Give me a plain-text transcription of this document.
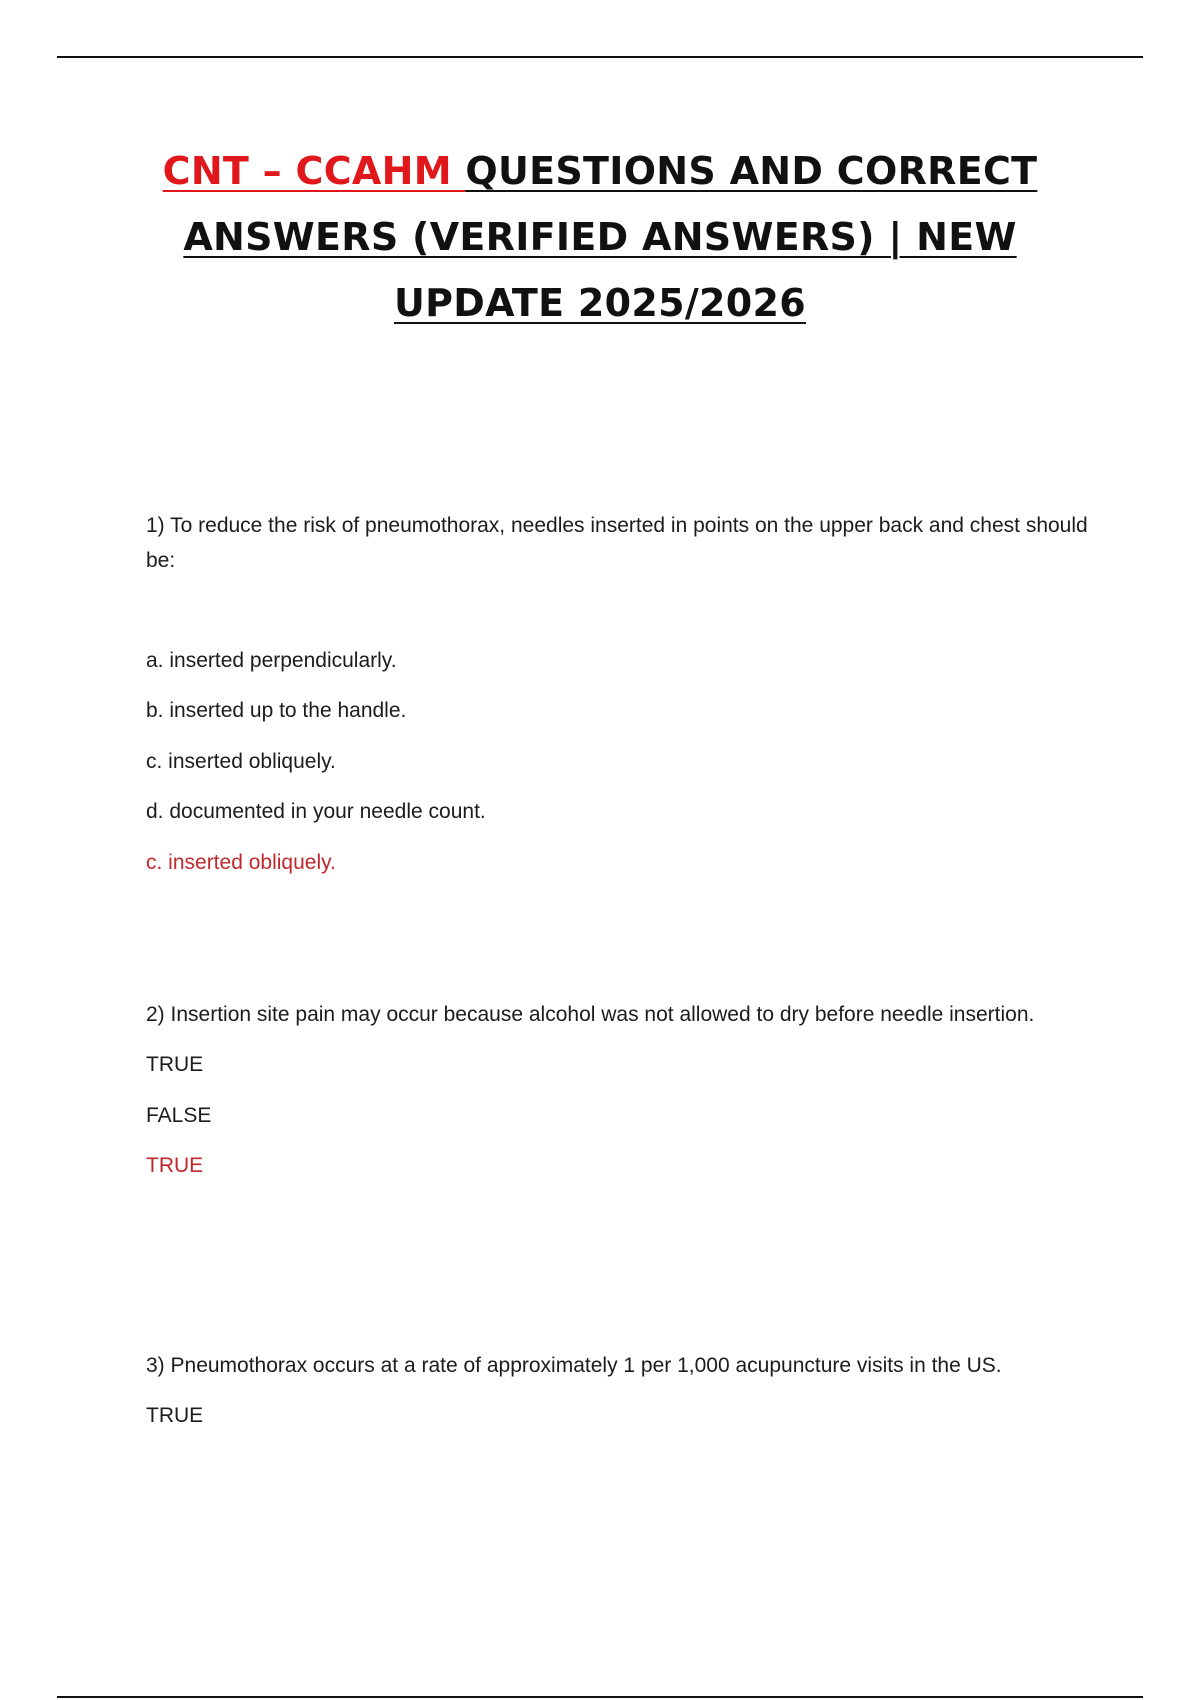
CNT – CCAHM QUESTIONS AND CORRECT ANSWERS (VERIFIED ANSWERS) | NEW UPDATE 2025/2026

1) To reduce the risk of pneumothorax, needles inserted in points on the upper back and chest should be:

a. inserted perpendicularly.

b. inserted up to the handle.

c. inserted obliquely.

d. documented in your needle count.

c. inserted obliquely.

2) Insertion site pain may occur because alcohol was not allowed to dry before needle insertion.

TRUE

FALSE

TRUE

3) Pneumothorax occurs at a rate of approximately 1 per 1,000 acupuncture visits in the US.

TRUE
